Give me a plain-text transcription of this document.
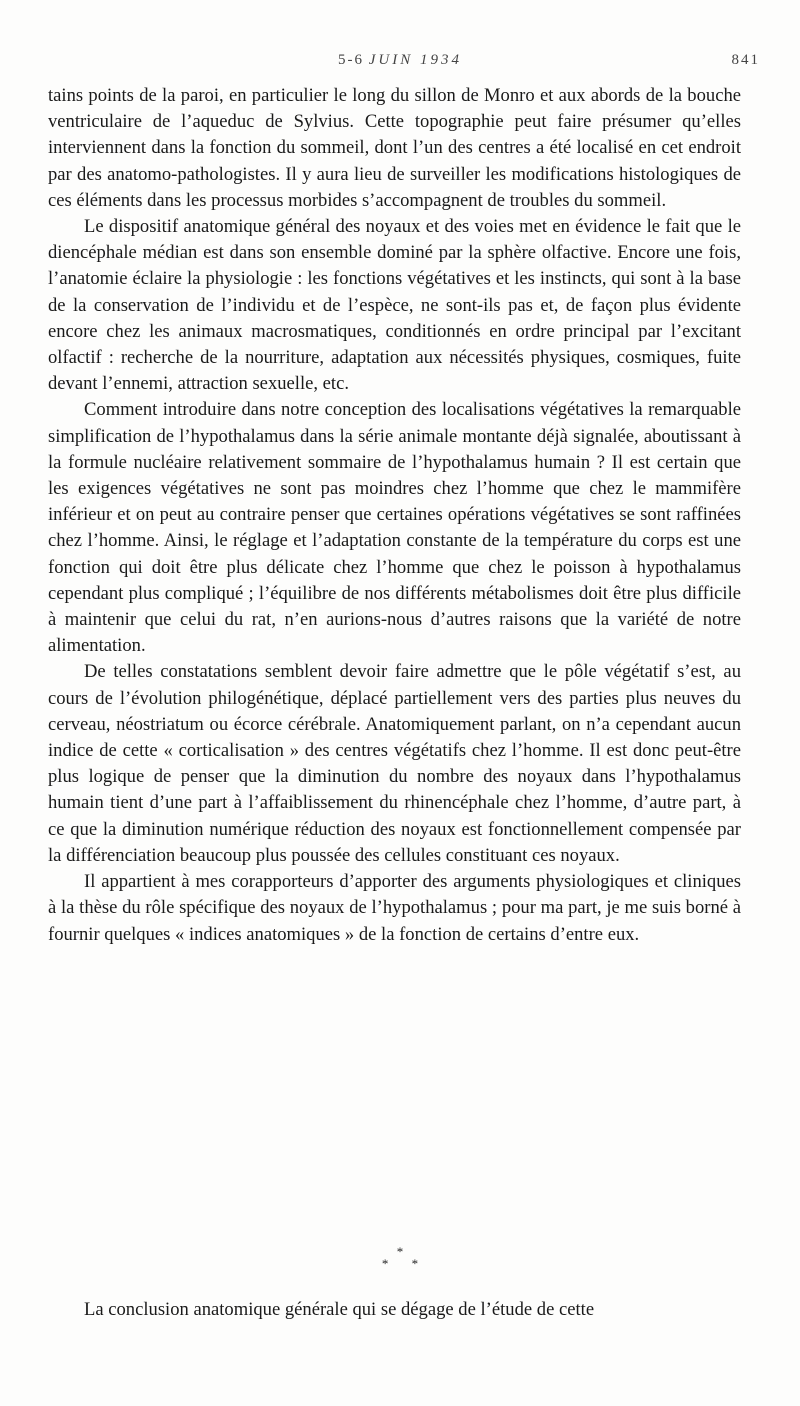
5-6 JUIN 1934	841

tains points de la paroi, en particulier le long du sillon de Monro et aux abords de la bouche ventriculaire de l’aqueduc de Sylvius. Cette topographie peut faire présumer qu’elles interviennent dans la fonction du sommeil, dont l’un des centres a été localisé en cet endroit par des anatomo-pathologistes. Il y aura lieu de surveiller les modifications histologiques de ces éléments dans les processus morbides s’accompagnent de troubles du sommeil.

Le dispositif anatomique général des noyaux et des voies met en évidence le fait que le diencéphale médian est dans son ensemble dominé par la sphère olfactive. Encore une fois, l’anatomie éclaire la physiologie : les fonctions végétatives et les instincts, qui sont à la base de la conservation de l’individu et de l’espèce, ne sont-ils pas et, de façon plus évidente encore chez les animaux macrosmatiques, conditionnés en ordre principal par l’excitant olfactif : recherche de la nourriture, adaptation aux nécessités physiques, cosmiques, fuite devant l’ennemi, attraction sexuelle, etc.

Comment introduire dans notre conception des localisations végétatives la remarquable simplification de l’hypothalamus dans la série animale montante déjà signalée, aboutissant à la formule nucléaire relativement sommaire de l’hypothalamus humain ? Il est certain que les exigences végétatives ne sont pas moindres chez l’homme que chez le mammifère inférieur et on peut au contraire penser que certaines opérations végétatives se sont raffinées chez l’homme. Ainsi, le réglage et l’adaptation constante de la température du corps est une fonction qui doit être plus délicate chez l’homme que chez le poisson à hypothalamus cependant plus compliqué ; l’équilibre de nos différents métabolismes doit être plus difficile à maintenir que celui du rat, n’en aurions-nous d’autres raisons que la variété de notre alimentation.

De telles constatations semblent devoir faire admettre que le pôle végétatif s’est, au cours de l’évolution philogénétique, déplacé partiellement vers des parties plus neuves du cerveau, néostriatum ou écorce cérébrale. Anatomiquement parlant, on n’a cependant aucun indice de cette « corticalisation » des centres végétatifs chez l’homme. Il est donc peut-être plus logique de penser que la diminution du nombre des noyaux dans l’hypothalamus humain tient d’une part à l’affaiblissement du rhinencéphale chez l’homme, d’autre part, à ce que la diminution numérique réduction des noyaux est fonctionnellement compensée par la différenciation beaucoup plus poussée des cellules constituant ces noyaux.

Il appartient à mes corapporteurs d’apporter des arguments physiologiques et cliniques à la thèse du rôle spécifique des noyaux de l’hypothalamus ; pour ma part, je me suis borné à fournir quelques « indices anatomiques » de la fonction de certains d’entre eux.

*
* *

La conclusion anatomique générale qui se dégage de l’étude de cette
